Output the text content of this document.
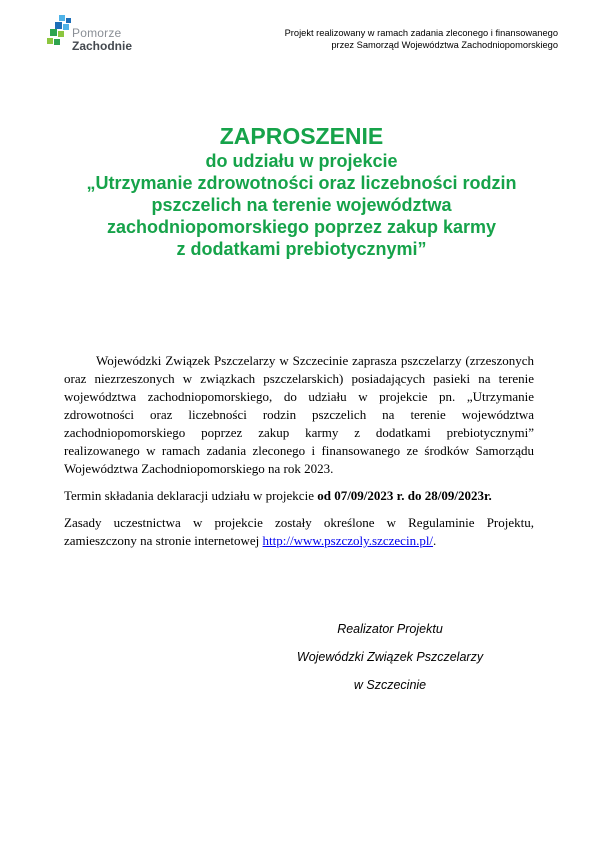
Pomorze
Zachodnie
Projekt realizowany w ramach zadania zleconego i finansowanego
przez Samorząd Województwa Zachodniopomorskiego
ZAPROSZENIE
do udziału w projekcie
„Utrzymanie zdrowotności oraz liczebności rodzin
pszczelich na terenie województwa
zachodniopomorskiego poprzez zakup karmy
z dodatkami prebiotycznymi”

Wojewódzki Związek Pszczelarzy w Szczecinie zaprasza pszczelarzy (zrzeszonych oraz niezrzeszonych w związkach pszczelarskich) posiadających pasieki na terenie województwa zachodniopomorskiego, do udziału w projekcie pn. „Utrzymanie zdrowotności oraz liczebności rodzin pszczelich na terenie województwa zachodniopomorskiego poprzez zakup karmy z dodatkami prebiotycznymi” realizowanego w ramach zadania zleconego i finansowanego ze środków Samorządu Województwa Zachodniopomorskiego na rok 2023.

Termin składania deklaracji udziału w projekcie od 07/09/2023 r. do 28/09/2023r.

Zasady uczestnictwa w projekcie zostały określone w Regulaminie Projektu, zamieszczony na stronie internetowej http://www.pszczoly.szczecin.pl/.

Realizator Projektu
Wojewódzki Związek Pszczelarzy
w Szczecinie
